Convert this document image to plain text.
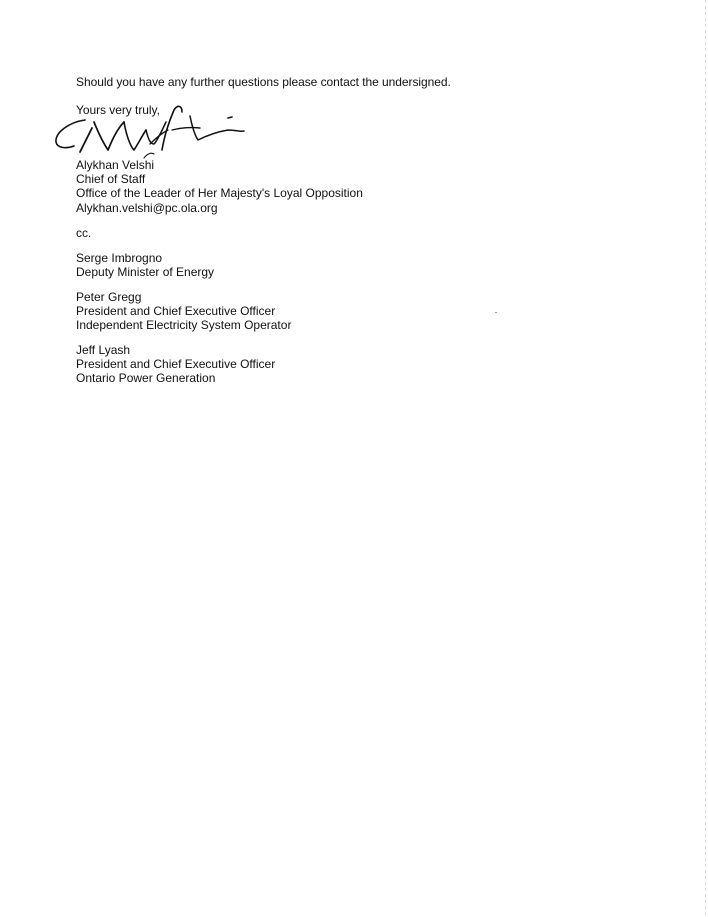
Should you have any further questions please contact the undersigned.
Yours very truly,
Alykhan Velshi
Chief of Staff
Office of the Leader of Her Majesty's Loyal Opposition
Alykhan.velshi@pc.ola.org
cc.
Serge Imbrogno
Deputy Minister of Energy
Peter Gregg
President and Chief Executive Officer
Independent Electricity System Operator
Jeff Lyash
President and Chief Executive Officer
Ontario Power Generation
